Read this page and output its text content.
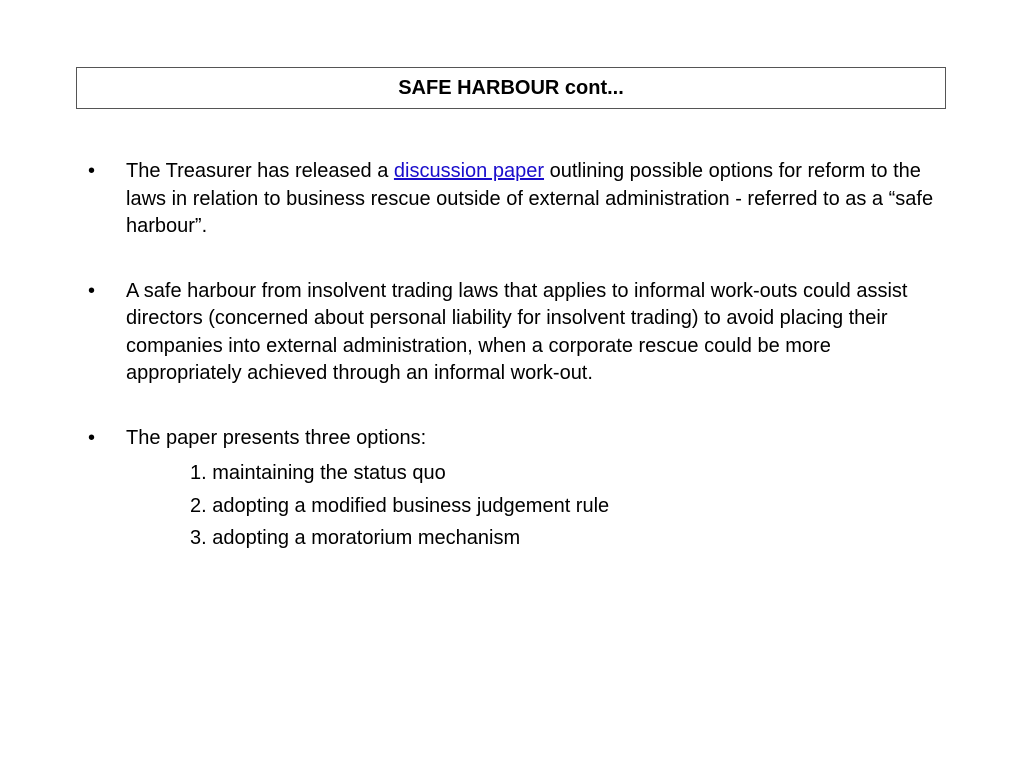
SAFE HARBOUR cont...
•	The Treasurer has released a discussion paper outlining possible options for reform to the laws in relation to business rescue outside of external administration - referred to as a “safe harbour”.
•	A safe harbour from insolvent trading laws that applies to informal work-outs could assist directors (concerned about personal liability for insolvent trading) to avoid placing their companies into external administration, when a corporate rescue could be more appropriately achieved through an informal work-out.
•	The paper presents three options:
1. maintaining the status quo
2. adopting a modified business judgement rule
3. adopting a moratorium mechanism
